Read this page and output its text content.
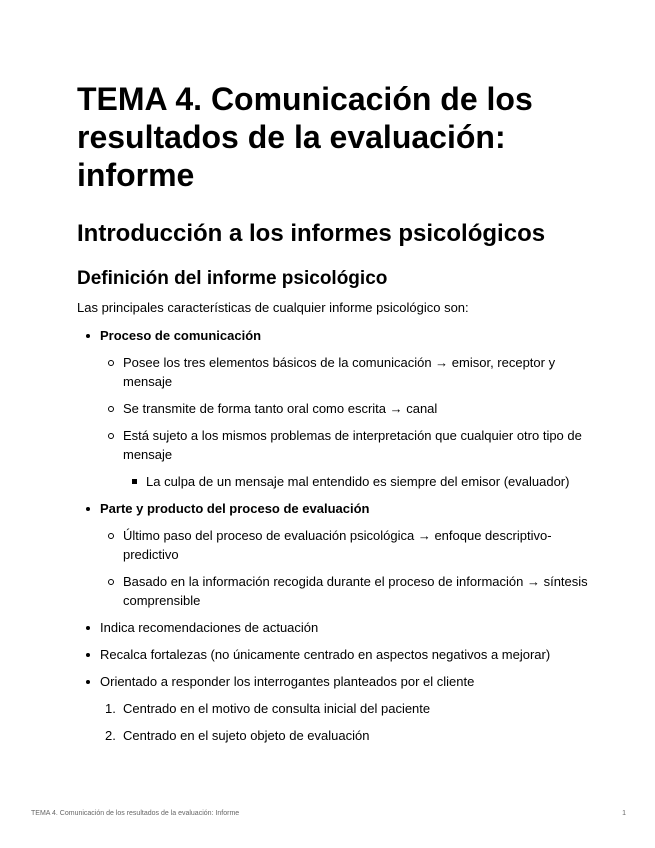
TEMA 4. Comunicación de los resultados de la evaluación: informe
Introducción a los informes psicológicos
Definición del informe psicológico

Las principales características de cualquier informe psicológico son:

Proceso de comunicación
Posee los tres elementos básicos de la comunicación → emisor, receptor y mensaje
Se transmite de forma tanto oral como escrita → canal
Está sujeto a los mismos problemas de interpretación que cualquier otro tipo de mensaje
La culpa de un mensaje mal entendido es siempre del emisor (evaluador)
Parte y producto del proceso de evaluación
Último paso del proceso de evaluación psicológica → enfoque descriptivo-predictivo
Basado en la información recogida durante el proceso de información → síntesis comprensible
Indica recomendaciones de actuación
Recalca fortalezas (no únicamente centrado en aspectos negativos a mejorar)
Orientado a responder los interrogantes planteados por el cliente
1. Centrado en el motivo de consulta inicial del paciente
2. Centrado en el sujeto objeto de evaluación
TEMA 4. Comunicación de los resultados de la evaluación: Informe	1
